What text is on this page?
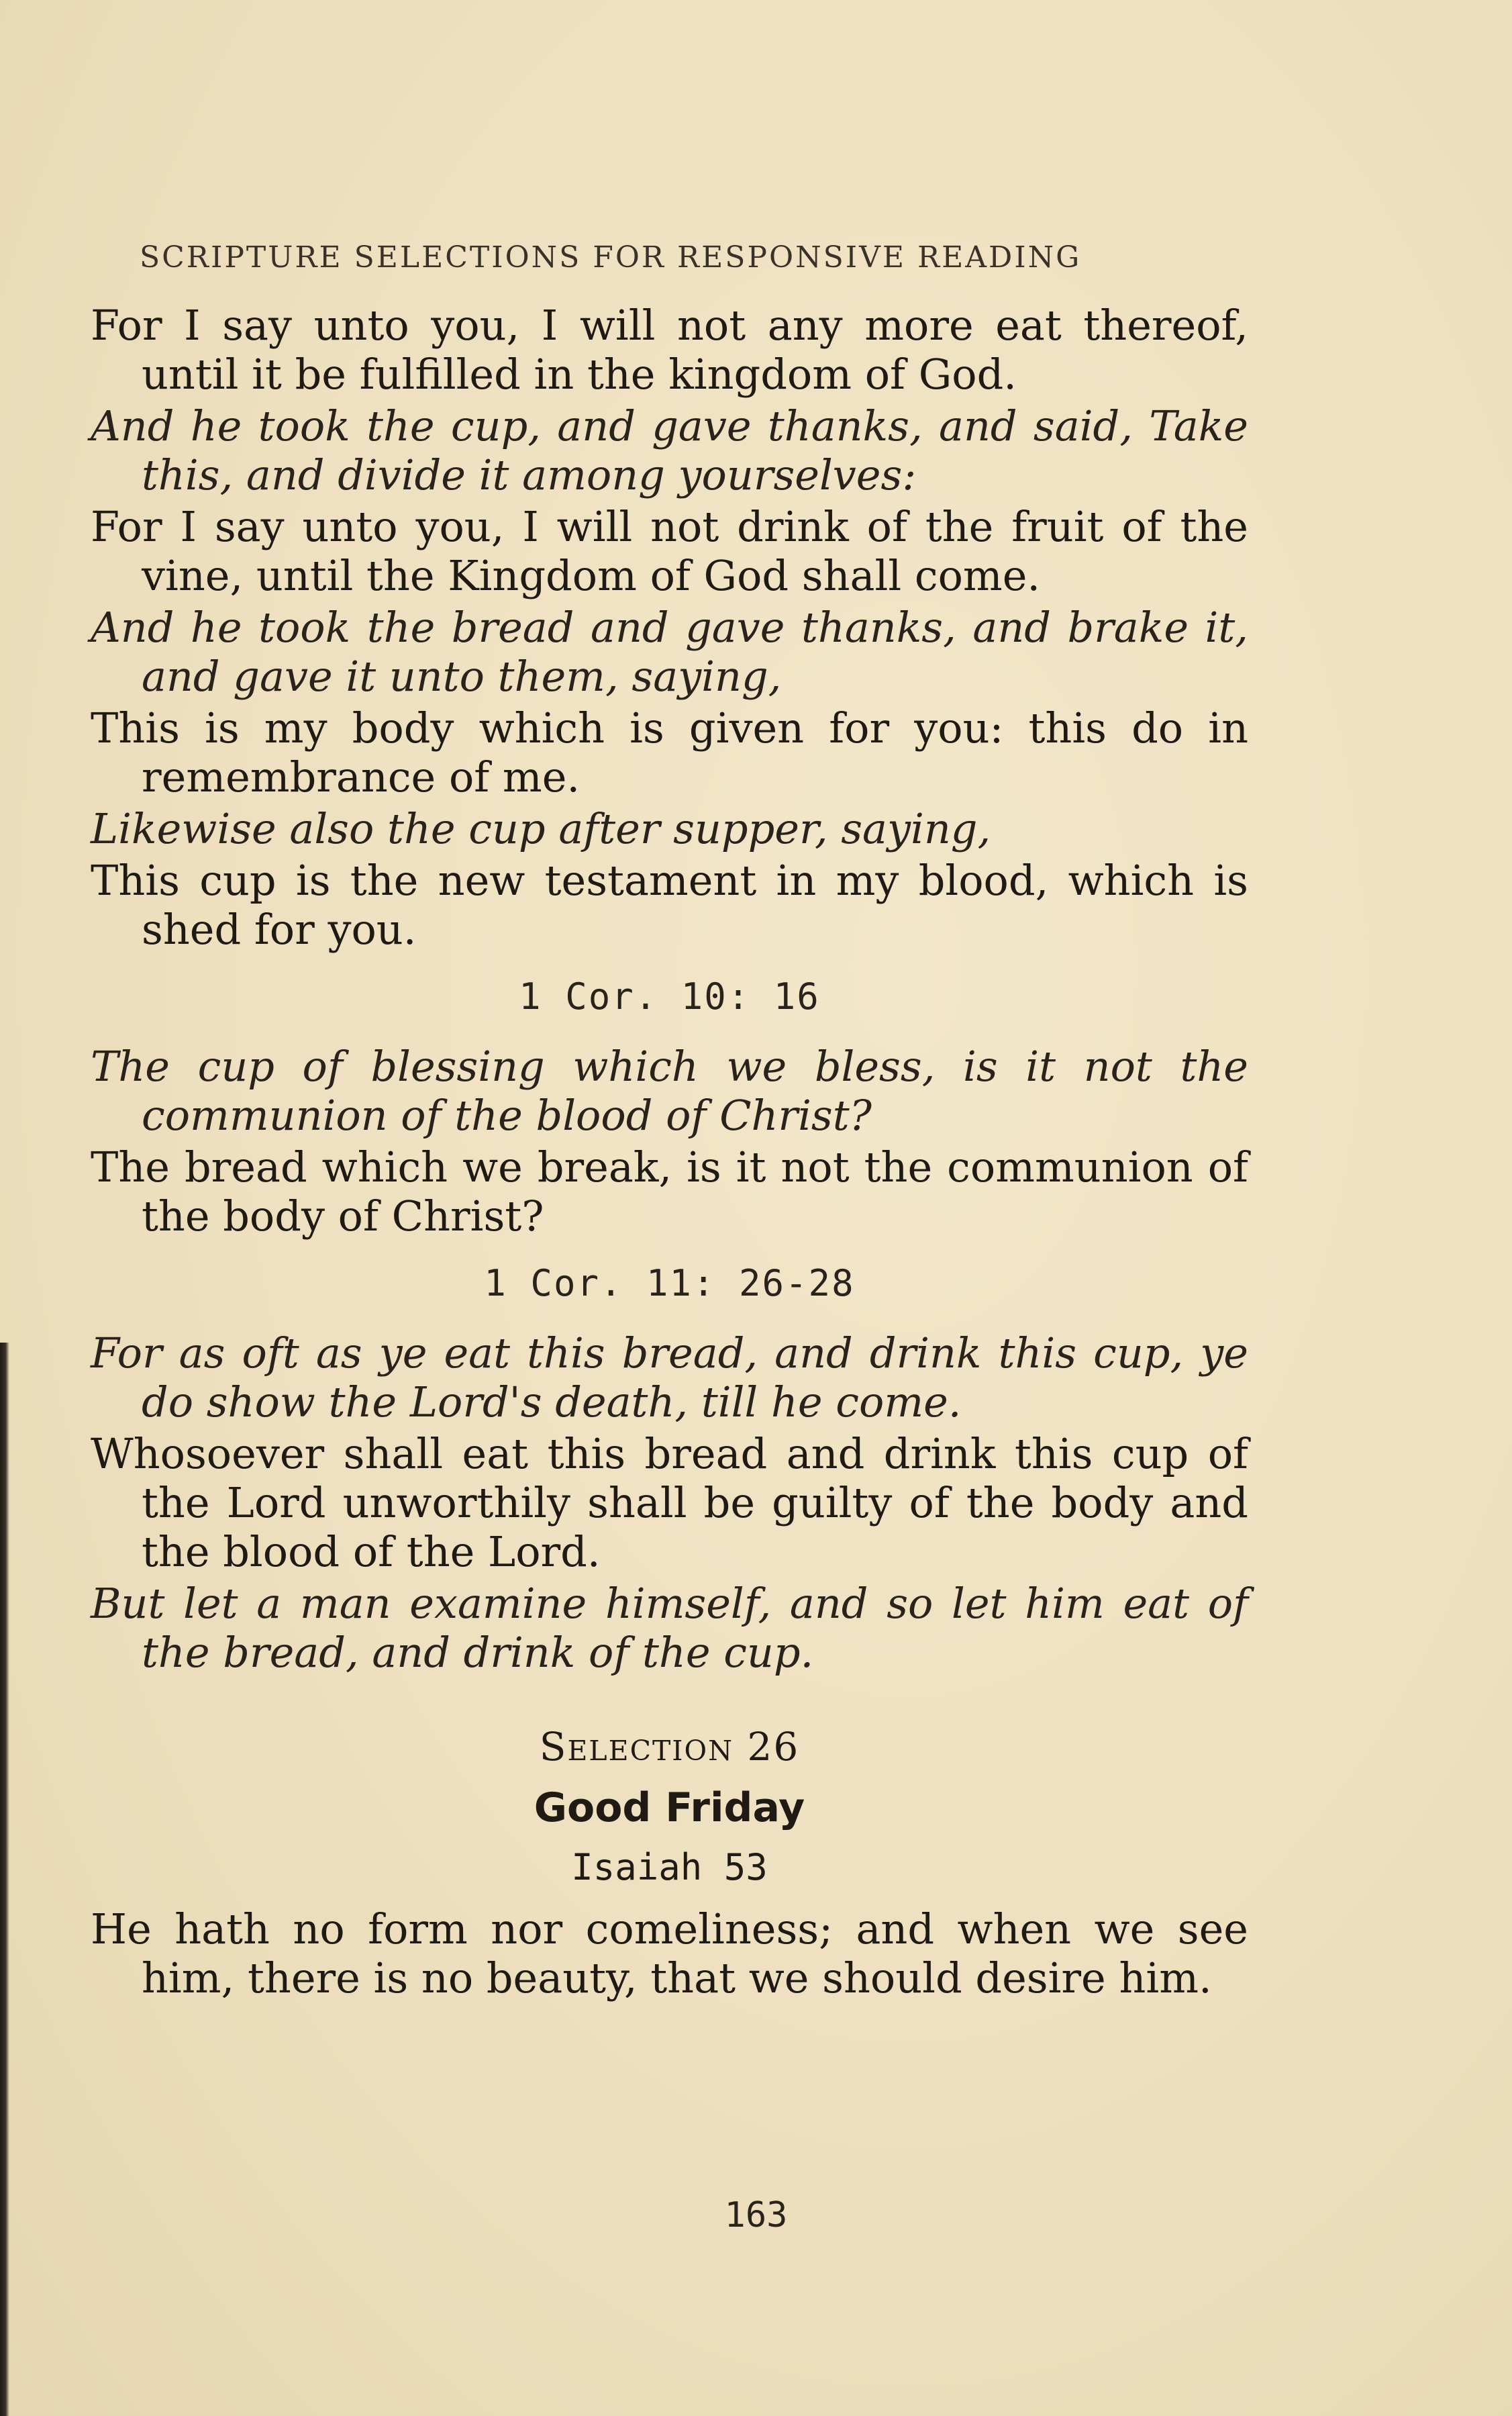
SCRIPTURE SELECTIONS FOR RESPONSIVE READING

For I say unto you, I will not any more eat thereof, until it be fulfilled in the kingdom of God.

And he took the cup, and gave thanks, and said, Take this, and divide it among yourselves:

For I say unto you, I will not drink of the fruit of the vine, until the Kingdom of God shall come.

And he took the bread and gave thanks, and brake it, and gave it unto them, saying,

This is my body which is given for you: this do in remembrance of me.

Likewise also the cup after supper, saying,

This cup is the new testament in my blood, which is shed for you.

1 Cor. 10: 16

The cup of blessing which we bless, is it not the communion of the blood of Christ?

The bread which we break, is it not the communion of the body of Christ?

1 Cor. 11: 26-28

For as oft as ye eat this bread, and drink this cup, ye do show the Lord's death, till he come.

Whosoever shall eat this bread and drink this cup of the Lord unworthily shall be guilty of the body and the blood of the Lord.

But let a man examine himself, and so let him eat of the bread, and drink of the cup.

Selection 26
Good Friday
Isaiah 53

He hath no form nor comeliness; and when we see him, there is no beauty, that we should desire him.

163
